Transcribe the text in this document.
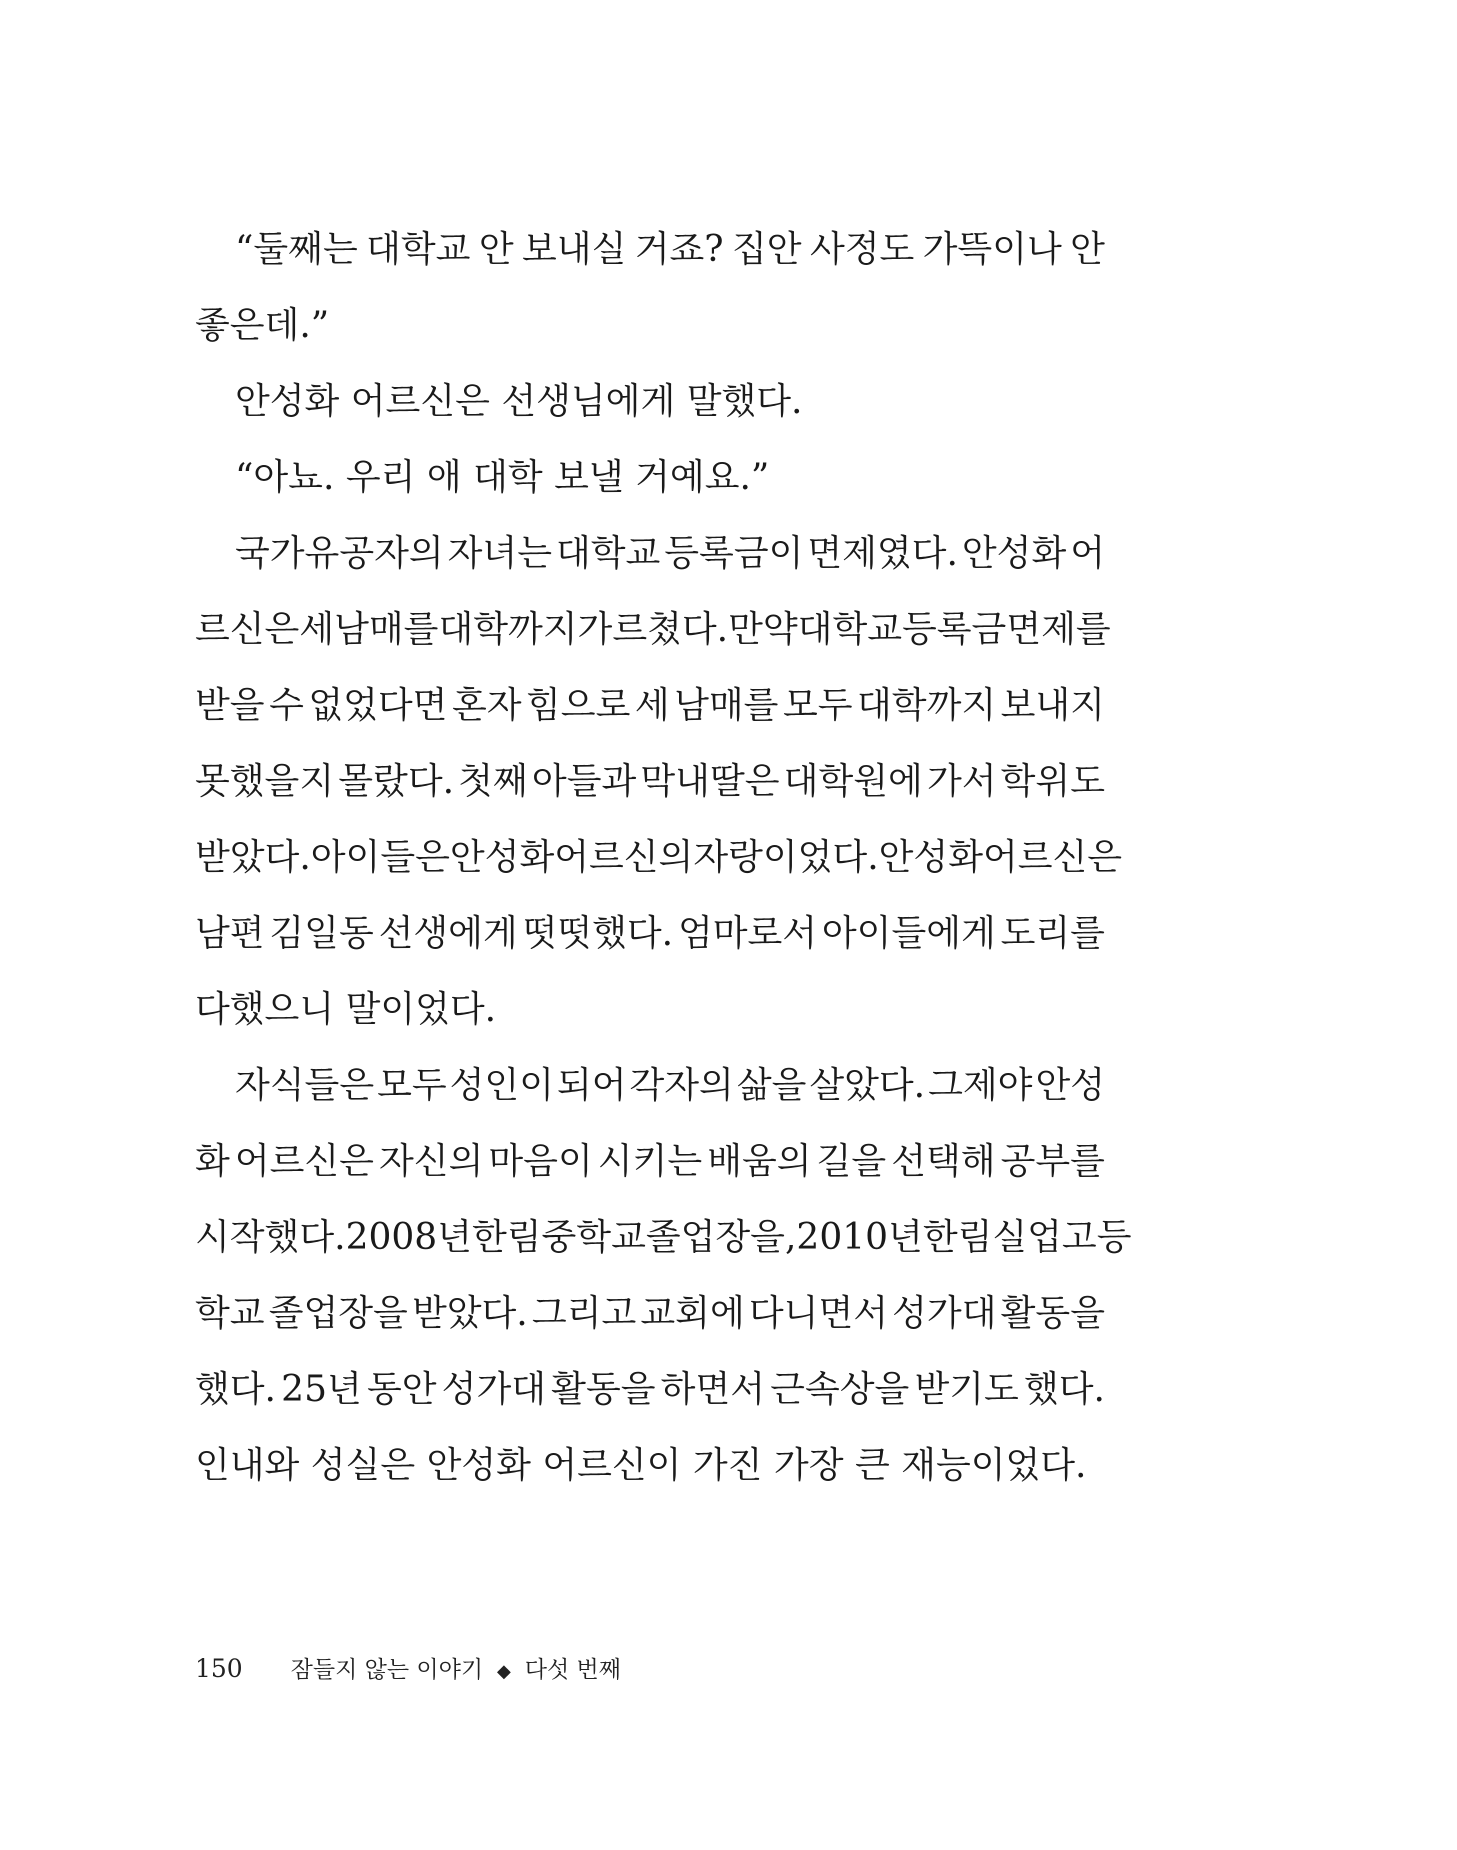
“둘째는 대학교 안 보내실 거죠? 집안 사정도 가뜩이나 안
좋은데.”
안성화 어르신은 선생님에게 말했다.
“아뇨. 우리 애 대학 보낼 거예요.”
국가유공자의 자녀는 대학교 등록금이 면제였다. 안성화 어
르신은 세 남매를 대학까지 가르쳤다. 만약 대학교 등록금 면제를
받을 수 없었다면 혼자 힘으로 세 남매를 모두 대학까지 보내지
못했을지 몰랐다. 첫째 아들과 막내딸은 대학원에 가서 학위도
받았다. 아이들은 안성화 어르신의 자랑이었다. 안성화 어르신은
남편 김일동 선생에게 떳떳했다. 엄마로서 아이들에게 도리를
다했으니 말이었다.
자식들은 모두 성인이 되어 각자의 삶을 살았다. 그제야 안성
화 어르신은 자신의 마음이 시키는 배움의 길을 선택해 공부를
시작했다. 2008년 한림중학교 졸업장을, 2010년 한림실업고등
학교 졸업장을 받았다. 그리고 교회에 다니면서 성가대 활동을
했다. 25년 동안 성가대 활동을 하면서 근속상을 받기도 했다.
인내와 성실은 안성화 어르신이 가진 가장 큰 재능이었다.
150 잠들지 않는 이야기 ◆ 다섯 번째
